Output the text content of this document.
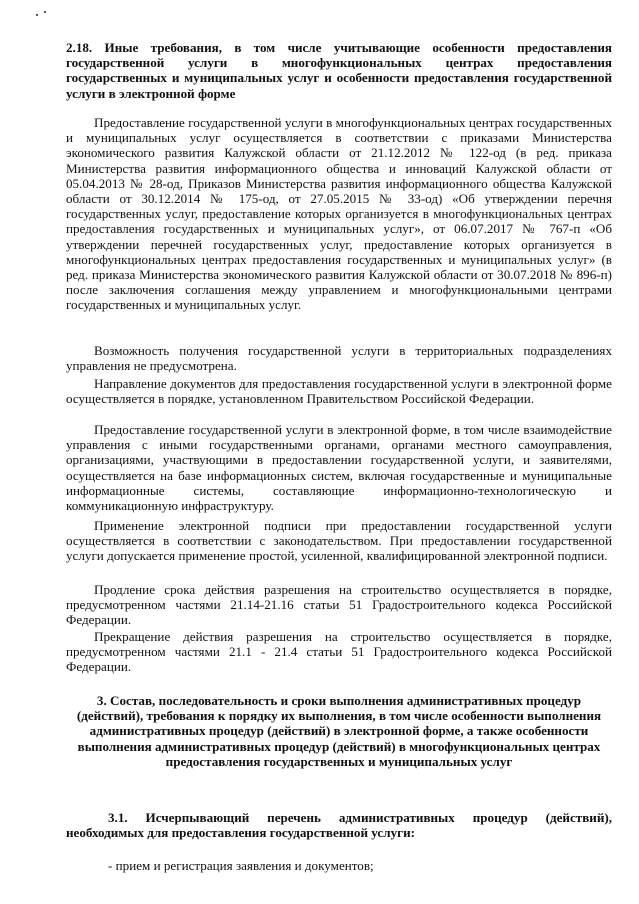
2.18. Иные требования, в том числе учитывающие особенности предоставления государственной услуги в многофункциональных центрах предоставления государственных и муниципальных услуг и особенности предоставления государственной услуги в электронной форме
Предоставление государственной услуги в многофункциональных центрах государственных и муниципальных услуг осуществляется в соответствии с приказами Министерства экономического развития Калужской области от 21.12.2012 № 122-од (в ред. приказа Министерства развития информационного общества и инноваций Калужской области от 05.04.2013 № 28-од, Приказов Министерства развития информационного общества Калужской области от 30.12.2014 № 175-од, от 27.05.2015 № 33-од) «Об утверждении перечня государственных услуг, предоставление которых организуется в многофункциональных центрах предоставления государственных и муниципальных услуг», от 06.07.2017 № 767-п «Об утверждении перечней государственных услуг, предоставление которых организуется в многофункциональных центрах предоставления государственных и муниципальных услуг» (в ред. приказа Министерства экономического развития Калужской области от 30.07.2018 № 896-п) после заключения соглашения между управлением и многофункциональными центрами государственных и муниципальных услуг.
Возможность получения государственной услуги в территориальных подразделениях управления не предусмотрена.
Направление документов для предоставления государственной услуги в электронной форме осуществляется в порядке, установленном Правительством Российской Федерации.
Предоставление государственной услуги в электронной форме, в том числе взаимодействие управления с иными государственными органами, органами местного самоуправления, организациями, участвующими в предоставлении государственной услуги, и заявителями, осуществляется на базе информационных систем, включая государственные и муниципальные информационные системы, составляющие информационно-технологическую и коммуникационную инфраструктуру.
Применение электронной подписи при предоставлении государственной услуги осуществляется в соответствии с законодательством. При предоставлении государственной услуги допускается применение простой, усиленной, квалифицированной электронной подписи.
Продление срока действия разрешения на строительство осуществляется в порядке, предусмотренном частями 21.14-21.16 статьи 51 Градостроительного кодекса Российской Федерации.
Прекращение действия разрешения на строительство осуществляется в порядке, предусмотренном частями 21.1 - 21.4 статьи 51 Градостроительного кодекса Российской Федерации.
3. Состав, последовательность и сроки выполнения административных процедур (действий), требования к порядку их выполнения, в том числе особенности выполнения административных процедур (действий) в электронной форме, а также особенности выполнения административных процедур (действий) в многофункциональных центрах предоставления государственных и муниципальных услуг
3.1. Исчерпывающий перечень административных процедур (действий), необходимых для предоставления государственной услуги:
- прием и регистрация заявления и документов;
